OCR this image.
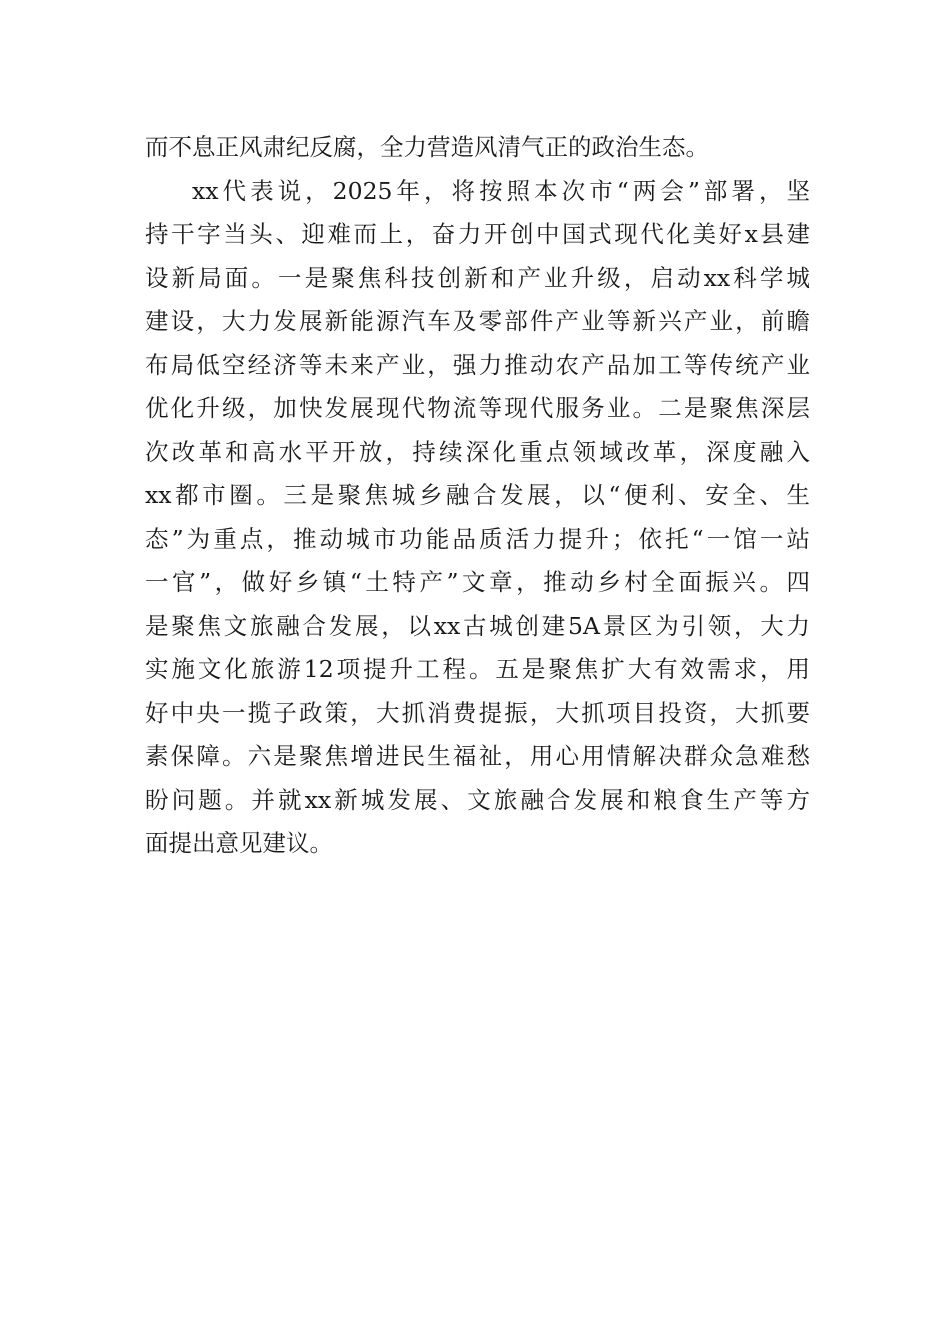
而不息正风肃纪反腐，全力营造风清气正的政治生态。
xx代表说，2025年，将按照本次市“两会”部署，坚
持干字当头、迎难而上，奋力开创中国式现代化美好x县建
设新局面。一是聚焦科技创新和产业升级，启动xx科学城
建设，大力发展新能源汽车及零部件产业等新兴产业，前瞻
布局低空经济等未来产业，强力推动农产品加工等传统产业
优化升级，加快发展现代物流等现代服务业。二是聚焦深层
次改革和高水平开放，持续深化重点领域改革，深度融入
xx都市圈。三是聚焦城乡融合发展，以“便利、安全、生
态”为重点，推动城市功能品质活力提升；依托“一馆一站
一官”，做好乡镇“土特产”文章，推动乡村全面振兴。四
是聚焦文旅融合发展，以xx古城创建5A景区为引领，大力
实施文化旅游12项提升工程。五是聚焦扩大有效需求，用
好中央一揽子政策，大抓消费提振，大抓项目投资，大抓要
素保障。六是聚焦增进民生福祉，用心用情解决群众急难愁
盼问题。并就xx新城发展、文旅融合发展和粮食生产等方
面提出意见建议。
